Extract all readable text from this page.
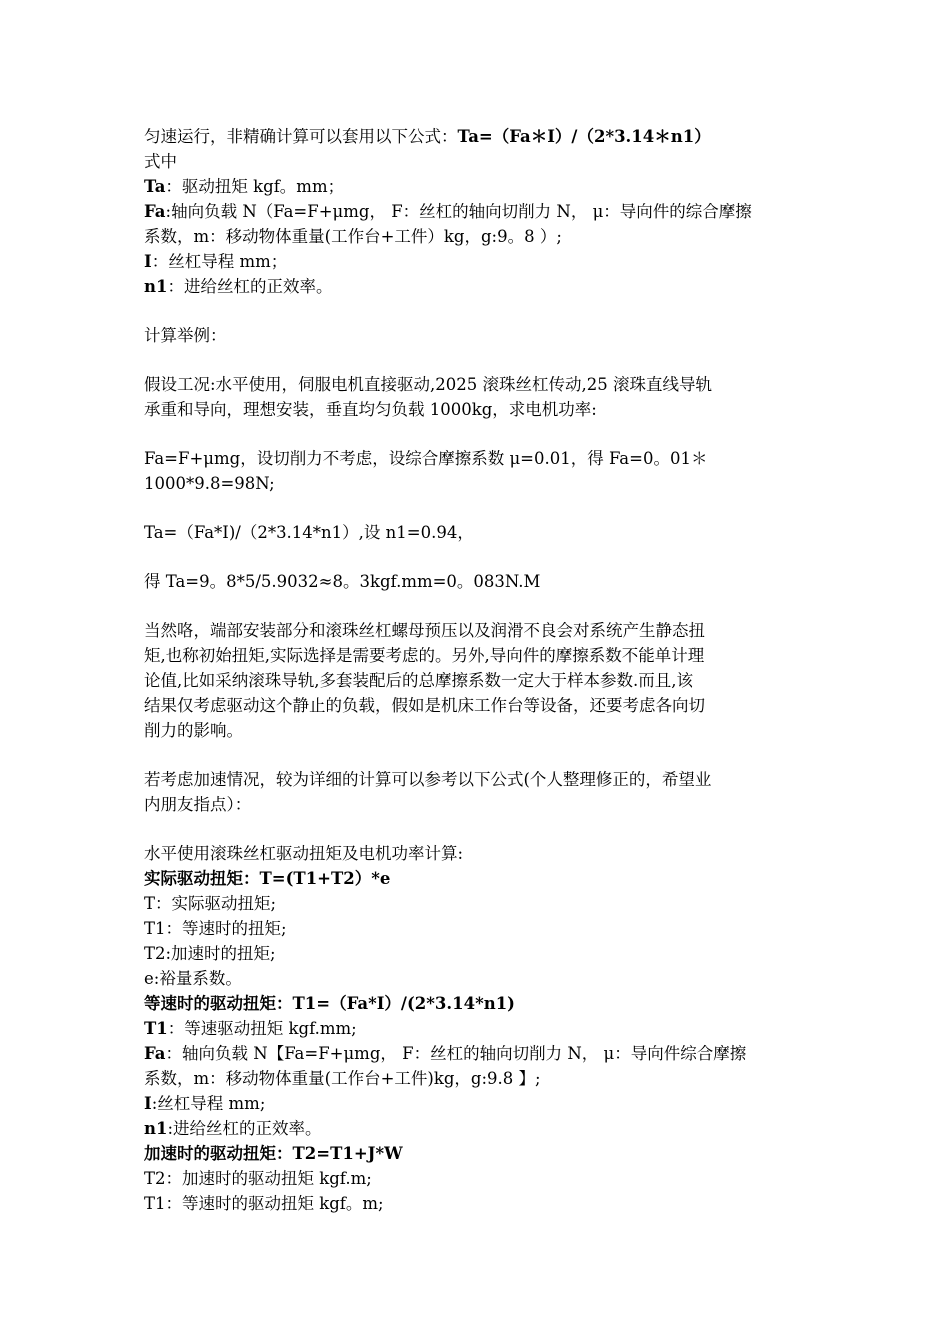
匀速运行，非精确计算可以套用以下公式：Ta=（Fa＊I）/（2*3.14＊n1）
式中
Ta：驱动扭矩 kgf。mm；
Fa:轴向负载 N（Fa=F+μmg， F：丝杠的轴向切削力 N， μ：导向件的综合摩擦
系数，m：移动物体重量(工作台+工件）kg，g:9。8 ）;
I：丝杠导程 mm；
n1：进给丝杠的正效率。
计算举例：
假设工况:水平使用，伺服电机直接驱动,2025 滚珠丝杠传动,25 滚珠直线导轨
承重和导向，理想安装，垂直均匀负载 1000kg，求电机功率:
Fa=F+μmg，设切削力不考虑，设综合摩擦系数 μ=0.01，得 Fa=0。01＊
1000*9.8=98N;
Ta=（Fa*I)/（2*3.14*n1）,设 n1=0.94，
得 Ta=9。8*5/5.9032≈8。3kgf.mm=0。083N.M
当然咯，端部安装部分和滚珠丝杠螺母预压以及润滑不良会对系统产生静态扭
矩,也称初始扭矩,实际选择是需要考虑的。另外,导向件的摩擦系数不能单计理
论值,比如采纳滚珠导轨,多套装配后的总摩擦系数一定大于样本参数.而且,该
结果仅考虑驱动这个静止的负载，假如是机床工作台等设备，还要考虑各向切
削力的影响。
若考虑加速情况，较为详细的计算可以参考以下公式(个人整理修正的，希望业
内朋友指点）：
水平使用滚珠丝杠驱动扭矩及电机功率计算:
实际驱动扭矩：T=(T1+T2）*e
T：实际驱动扭矩;
T1：等速时的扭矩;
T2:加速时的扭矩;
e:裕量系数。
等速时的驱动扭矩：T1=（Fa*I）/(2*3.14*n1)
T1：等速驱动扭矩 kgf.mm;
Fa：轴向负载 N【Fa=F+μmg， F：丝杠的轴向切削力 N， μ：导向件综合摩擦
系数，m：移动物体重量(工作台+工件)kg，g:9.8 】;
I:丝杠导程 mm;
n1:进给丝杠的正效率。
加速时的驱动扭矩：T2=T1+J*W
T2：加速时的驱动扭矩 kgf.m;
T1：等速时的驱动扭矩 kgf。m;
